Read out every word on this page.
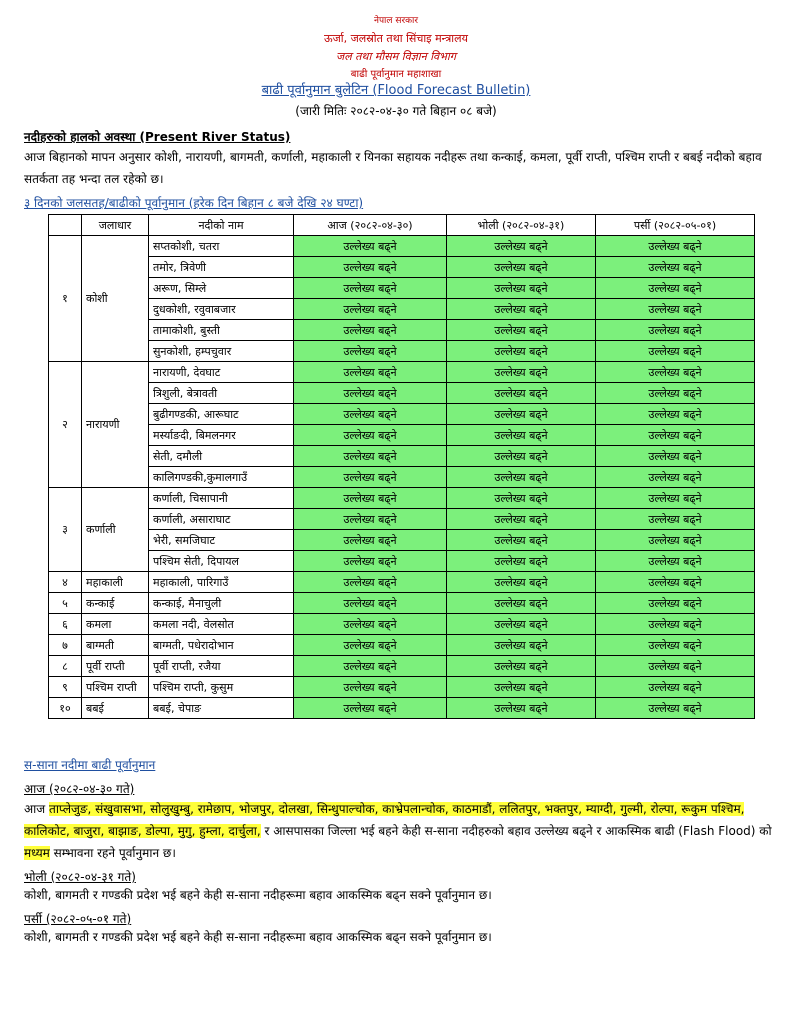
नेपाल सरकार
ऊर्जा, जलस्रोत तथा सिंचाइ मन्त्रालय
जल तथा मौसम विज्ञान विभाग
बाढी पूर्वानुमान महाशाखा
बाढी पूर्वानुमान बुलेटिन (Flood Forecast Bulletin)
(जारी मितिः २०८२-०४-३० गते बिहान ०८ बजे)
नदीहरुको हालको अवस्था (Present River Status)
आज बिहानको मापन अनुसार कोशी, नारायणी, बागमती, कर्णाली, महाकाली र यिनका सहायक नदीहरू तथा कन्काई, कमला, पूर्वी राप्ती, पश्चिम राप्ती र बबई नदीको बहाव सतर्कता तह भन्दा तल रहेको छ।
३ दिनको जलसतह/बाढीको पूर्वानुमान (हरेक दिन बिहान ८ बजे देखि २४ घण्टा)
	जलाधार	नदीको नाम	आज (२०८२-०४-३०)	भोली (२०८२-०४-३१)	पर्सी (२०८२-०५-०१)
१	कोशी	सप्तकोशी, चतरा	उल्लेख्य बढ्ने	उल्लेख्य बढ्ने	उल्लेख्य बढ्ने
		तमोर, त्रिवेणी	उल्लेख्य बढ्ने	उल्लेख्य बढ्ने	उल्लेख्य बढ्ने
		अरूण, सिम्ले	उल्लेख्य बढ्ने	उल्लेख्य बढ्ने	उल्लेख्य बढ्ने
		दुधकोशी, रवुवाबजार	उल्लेख्य बढ्ने	उल्लेख्य बढ्ने	उल्लेख्य बढ्ने
		तामाकोशी, बुस्ती	उल्लेख्य बढ्ने	उल्लेख्य बढ्ने	उल्लेख्य बढ्ने
		सुनकोशी, हम्पचुवार	उल्लेख्य बढ्ने	उल्लेख्य बढ्ने	उल्लेख्य बढ्ने
२	नारायणी	नारायणी, देवघाट	उल्लेख्य बढ्ने	उल्लेख्य बढ्ने	उल्लेख्य बढ्ने
		त्रिशुली, बेत्रावती	उल्लेख्य बढ्ने	उल्लेख्य बढ्ने	उल्लेख्य बढ्ने
		बुढीगण्डकी, आरूघाट	उल्लेख्य बढ्ने	उल्लेख्य बढ्ने	उल्लेख्य बढ्ने
		मर्स्याङदी, बिमलनगर	उल्लेख्य बढ्ने	उल्लेख्य बढ्ने	उल्लेख्य बढ्ने
		सेती, दमौली	उल्लेख्य बढ्ने	उल्लेख्य बढ्ने	उल्लेख्य बढ्ने
		कालिगण्डकी,कुमालगाउँ	उल्लेख्य बढ्ने	उल्लेख्य बढ्ने	उल्लेख्य बढ्ने
३	कर्णाली	कर्णाली, चिसापानी	उल्लेख्य बढ्ने	उल्लेख्य बढ्ने	उल्लेख्य बढ्ने
		कर्णाली, असाराघाट	उल्लेख्य बढ्ने	उल्लेख्य बढ्ने	उल्लेख्य बढ्ने
		भेरी, समजिघाट	उल्लेख्य बढ्ने	उल्लेख्य बढ्ने	उल्लेख्य बढ्ने
		पश्चिम सेती, दिपायल	उल्लेख्य बढ्ने	उल्लेख्य बढ्ने	उल्लेख्य बढ्ने
४	महाकाली	महाकाली, पारिगाउँ	उल्लेख्य बढ्ने	उल्लेख्य बढ्ने	उल्लेख्य बढ्ने
५	कन्काई	कन्काई, मैनाचुली	उल्लेख्य बढ्ने	उल्लेख्य बढ्ने	उल्लेख्य बढ्ने
६	कमला	कमला नदी, वेलसोत	उल्लेख्य बढ्ने	उल्लेख्य बढ्ने	उल्लेख्य बढ्ने
७	बाग्मती	बाग्मती, पधेरादोभान	उल्लेख्य बढ्ने	उल्लेख्य बढ्ने	उल्लेख्य बढ्ने
८	पूर्वी राप्ती	पूर्वी राप्ती, रजैया	उल्लेख्य बढ्ने	उल्लेख्य बढ्ने	उल्लेख्य बढ्ने
९	पश्चिम राप्ती	पश्चिम राप्ती, कुसुम	उल्लेख्य बढ्ने	उल्लेख्य बढ्ने	उल्लेख्य बढ्ने
१०	बबई	बबई, चेपाङ	उल्लेख्य बढ्ने	उल्लेख्य बढ्ने	उल्लेख्य बढ्ने
स-साना नदीमा बाढी पूर्वानुमान
आज (२०८२-०४-३० गते)
आज ताप्लेजुङ, संखुवासभा, सोलुखुम्बु, रामेछाप, भोजपुर, दोलखा, सिन्धुपाल्चोक, काभ्रेपलान्चोक, काठमाडौं, ललितपुर, भक्तपुर, म्याग्दी, गुल्मी, रोल्पा, रूकुम पश्चिम, कालिकोट, बाजुरा, बाझाङ, डोल्पा, मुगु, हुम्ला, दार्चुला, र आसपासका जिल्ला भई बहने केही स-साना नदीहरुको बहाव उल्लेख्य बढ्ने र आकस्मिक बाढी (Flash Flood) को मध्यम सम्भावना रहने पूर्वानुमान छ।
भोली (२०८२-०४-३१ गते)
कोशी, बागमती र गण्डकी प्रदेश भई बहने केही स-साना नदीहरूमा बहाव आकस्मिक बढ्न सक्ने पूर्वानुमान छ।
पर्सी (२०८२-०५-०१ गते)
कोशी, बागमती र गण्डकी प्रदेश भई बहने केही स-साना नदीहरूमा बहाव आकस्मिक बढ्न सक्ने पूर्वानुमान छ।
